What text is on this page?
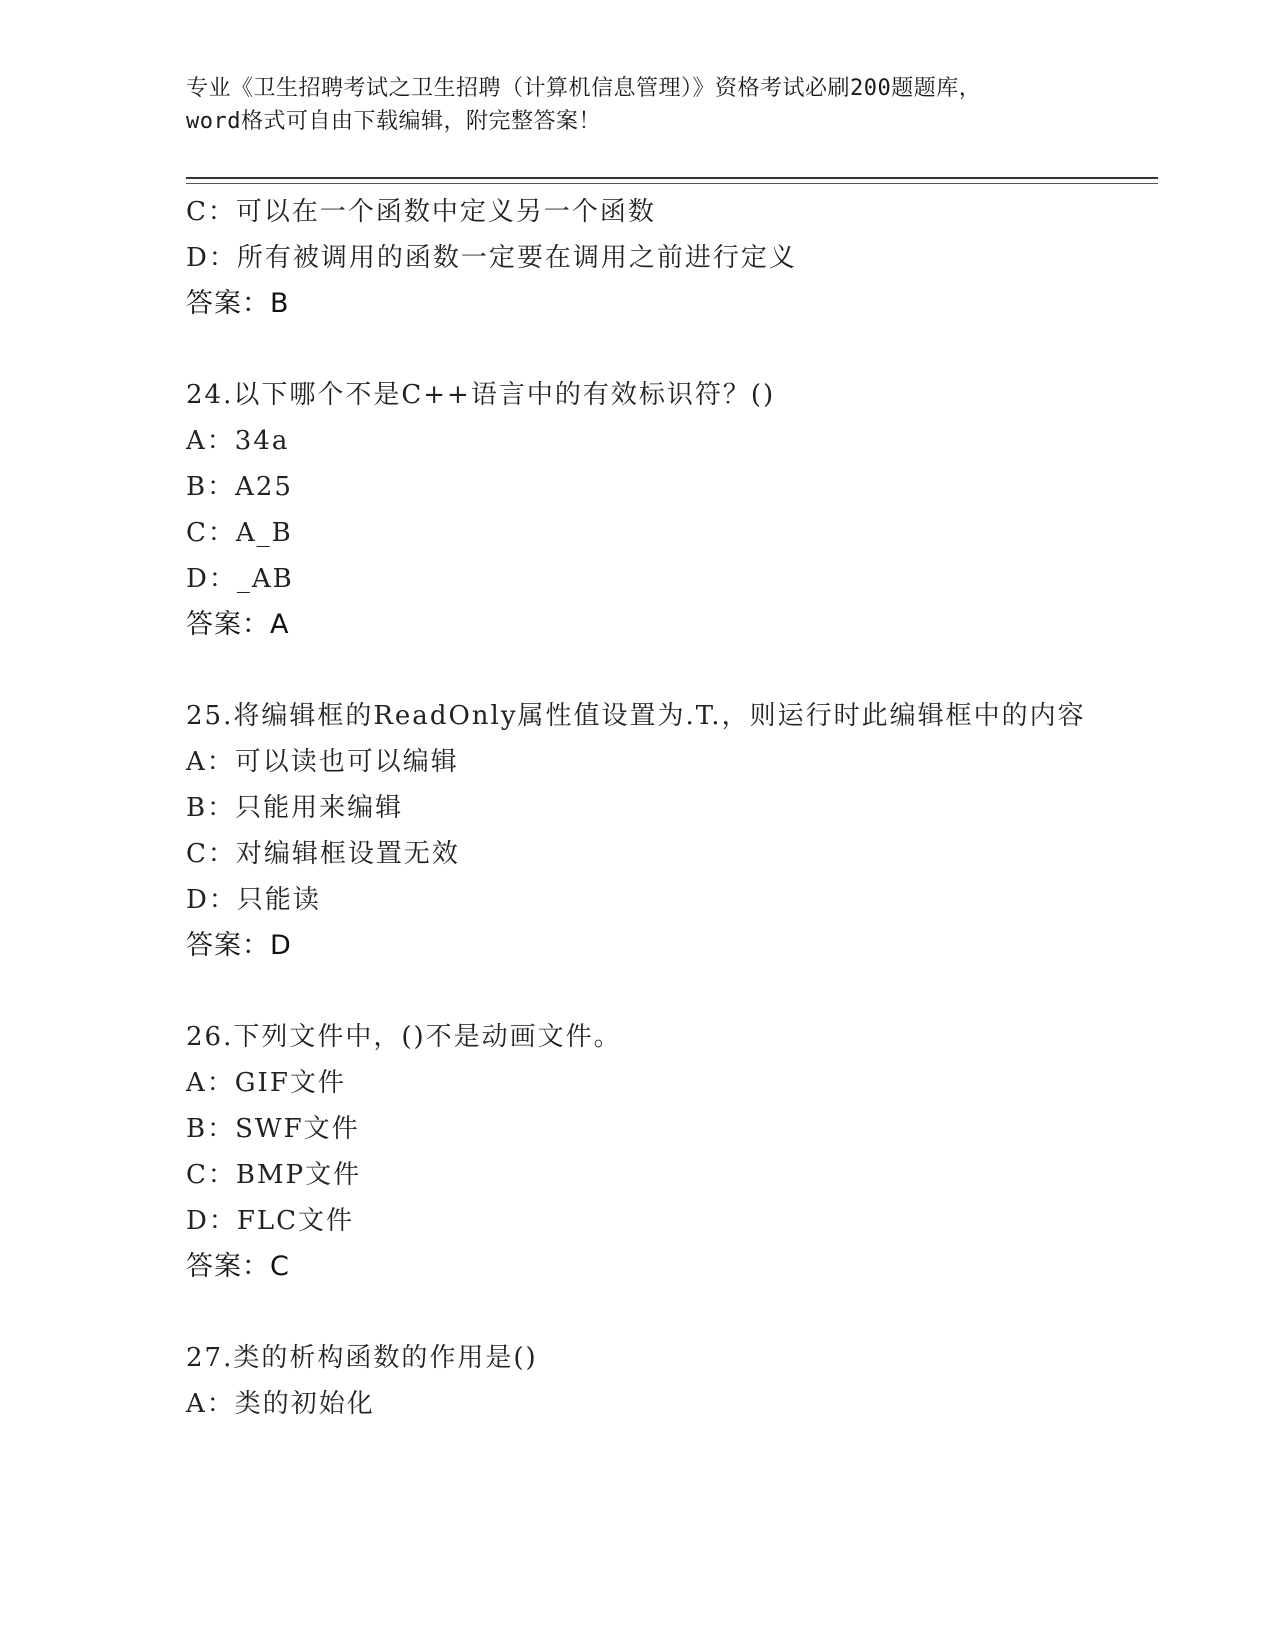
专业《卫生招聘考试之卫生招聘（计算机信息管理）》资格考试必刷200题题库，
word格式可自由下载编辑，附完整答案！
C：可以在一个函数中定义另一个函数
D：所有被调用的函数一定要在调用之前进行定义
答案：B
24.以下哪个不是C++语言中的有效标识符？()
A：34a
B：A25
C：A_B
D：_AB
答案：A
25.将编辑框的ReadOnly属性值设置为.T.，则运行时此编辑框中的内容
A：可以读也可以编辑
B：只能用来编辑
C：对编辑框设置无效
D：只能读
答案：D
26.下列文件中，()不是动画文件。
A：GIF文件
B：SWF文件
C：BMP文件
D：FLC文件
答案：C
27.类的析构函数的作用是()
A：类的初始化
